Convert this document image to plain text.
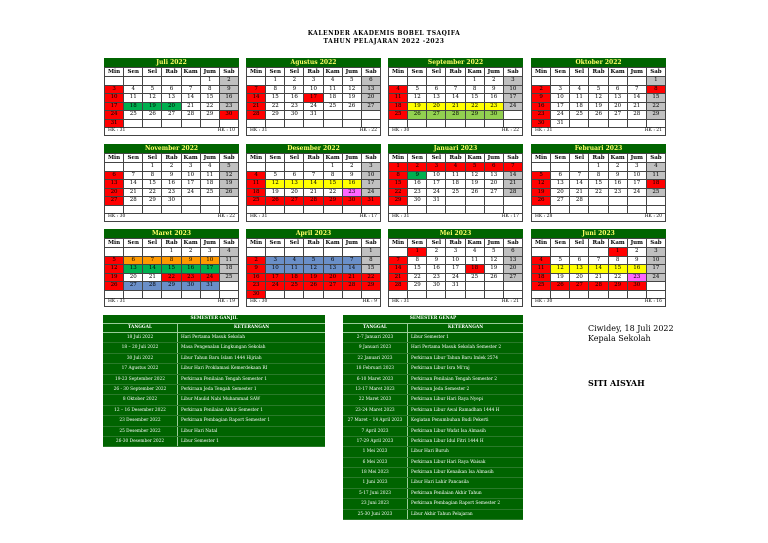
KALENDER AKADEMIS BOBEL TSAQIFA
TAHUN PELAJARAN 2022 -2023
Juli 2022
Min	Sen	Sel	Rab	Kam	Jum	Sab
					1	2
3	4	5	6	7	8	9
10	11	12	13	14	15	16
17	18	19	20	21	22	23
24	25	26	27	28	29	30
31						
HK : 31	HK : 10
Agustus 2022
Min	Sen	Sel	Rab	Kam	Jum	Sab
	1	2	3	4	5	6
7	8	9	10	11	12	13
14	15	16	17	18	19	20
21	22	23	24	25	26	27
28	29	30	31			

HK : 31	HK : 22
September 2022
Min	Sen	Sel	Rab	Kam	Jum	Sab
				1	2	3
4	5	6	7	8	9	10
11	12	13	14	15	16	17
18	19	20	21	22	23	24
25	26	27	28	29	30	

HK : 30	HK : 22
Oktober 2022
Min	Sen	Sel	Rab	Kam	Jum	Sab
						1
2	3	4	5	6	7	8
9	10	11	12	13	14	15
16	17	18	19	20	21	22
23	24	25	26	27	28	29
30	31					
HK : 31	HK : 21
November 2022
Min	Sen	Sel	Rab	Kam	Jum	Sab
		1	2	3	4	5
6	7	8	9	10	11	12
13	14	15	16	17	18	19
20	21	22	23	24	25	26
27	28	29	30			

HK : 30	HK : 22
Desember 2022
Min	Sen	Sel	Rab	Kam	Jum	Sab
				1	2	3
4	5	6	7	8	9	10
11	12	13	14	15	16	17
18	19	20	21	22	23	24
25	26	27	28	29	30	31

HK : 31	HK : 17
Januari 2023
Min	Sen	Sel	Rab	Kam	Jum	Sab
1	2	3	4	5	6	7
8	9	10	11	12	13	14
15	16	17	18	19	20	21
22	23	24	25	26	27	28
29	30	31				

HK : 31	HK : 17
Februari 2023
Min	Sen	Sel	Rab	Kam	Jum	Sab
			1	2	3	4
5	6	7	8	9	10	11
12	13	14	15	16	17	18
19	20	21	22	23	24	25
26	27	28				

HK : 28	HK : 20
Maret 2023
Min	Sen	Sel	Rab	Kam	Jum	Sab
			1	2	3	4
5	6	7	8	9	10	11
12	13	14	15	16	17	18
19	20	21	22	23	24	25
26	27	28	29	30	31	

HK : 31	HK : 19
April 2023
Min	Sen	Sel	Rab	Kam	Jum	Sab
						1
2	3	4	5	6	7	8
9	10	11	12	13	14	15
16	17	18	19	20	21	22
23	24	25	26	27	28	29
30						
HK : 30	HK : 9
Mei 2023
Min	Sen	Sel	Rab	Kam	Jum	Sab
	1	2	3	4	5	6
7	8	9	10	11	12	13
14	15	16	17	18	19	20
21	22	23	24	25	26	27
28	29	30	31			

HK : 31	HK : 21
Juni 2023
Min	Sen	Sel	Rab	Kam	Jum	Sab
				1	2	3
4	5	6	7	8	9	10
11	12	13	14	15	16	17
18	19	20	21	22	23	24
25	26	27	28	29	30	

HK : 30	HK : 16
SEMESTER GANJIL
TANGGAL	KETERANGAN
18 Juli 2022	Hari Pertama Masuk Sekolah
18 – 20 Juli 2022	Masa Pengenalan Lingkungan Sekolah
30 Juli 2022	Libur Tahun Baru Islam 1444 Hijriah
17 Agustus 2022	Libur Hari Proklamasi Kemerdekaan RI
19-23 September 2022	Perkiraan Penilaian Tengah Semester 1
26 - 30 September 2022	Perkiraan Jeda Tengah Semester 1
8 Oktober 2022	Libur Maulid Nabi Muhammad SAW
12 – 16 Desember 2022	Perkiraan Penilaian Akhir Semester 1
23 Desember 2022	Perkiraan Pembagian Raport Semester 1
25 Desember 2022	Libur Hari Natal
26-30 Desember 2022	Libur Semester 1
SEMESTER GENAP
TANGGAL	KETERANGAN
2-7 Januari 2023	Libur Semester 1
9 Januari 2023	Hari Pertama Masuk Sekolah Semester 2
22 Januari 2023	Perkiraan Libur Tahun Baru Imlek 2574
18 Februari 2023	Perkiraan Libur Isra Mi'raj
6-10 Maret 2023	Perkiraan Penilaian Tengah Semester 2
13-17 Maret 2023	Perkiraan Jeda Semester 2
22 Maret 2023	Perkiraan Libur Hari Raya Nyepi
23-24 Maret 2023	Perkiraan Libur Awal Ramadhan 1444 H
27 Maret – 14 April 2023	Kegiatan Penumbuhan Budi Pekerti
7 April 2023	Perkiraan Libur Wafat Isa Almasih
17-29 April 2023	Perkiraan Libur Idul Fitri 1444 H
1 Mei 2023	Libur Hari Buruh
6 Mei 2023	Perkiraan Libur Hari Raya Waisak
18 Mei 2023	Perkiraan Libur Kenaikan Isa Almasih
1 Juni 2023	Libur Hari Lahir Pancasila
5-17 Juni 2023	Perkiraan Penilaian Akhir Tahun
23 Juni 2023	Perkiraan Pembagian Raport Semester 2
25-30 Juni 2023	Libur Akhir Tahun Pelajaran
Ciwidey, 18 Juli 2022
Kepala Sekolah
SITI AISYAH
